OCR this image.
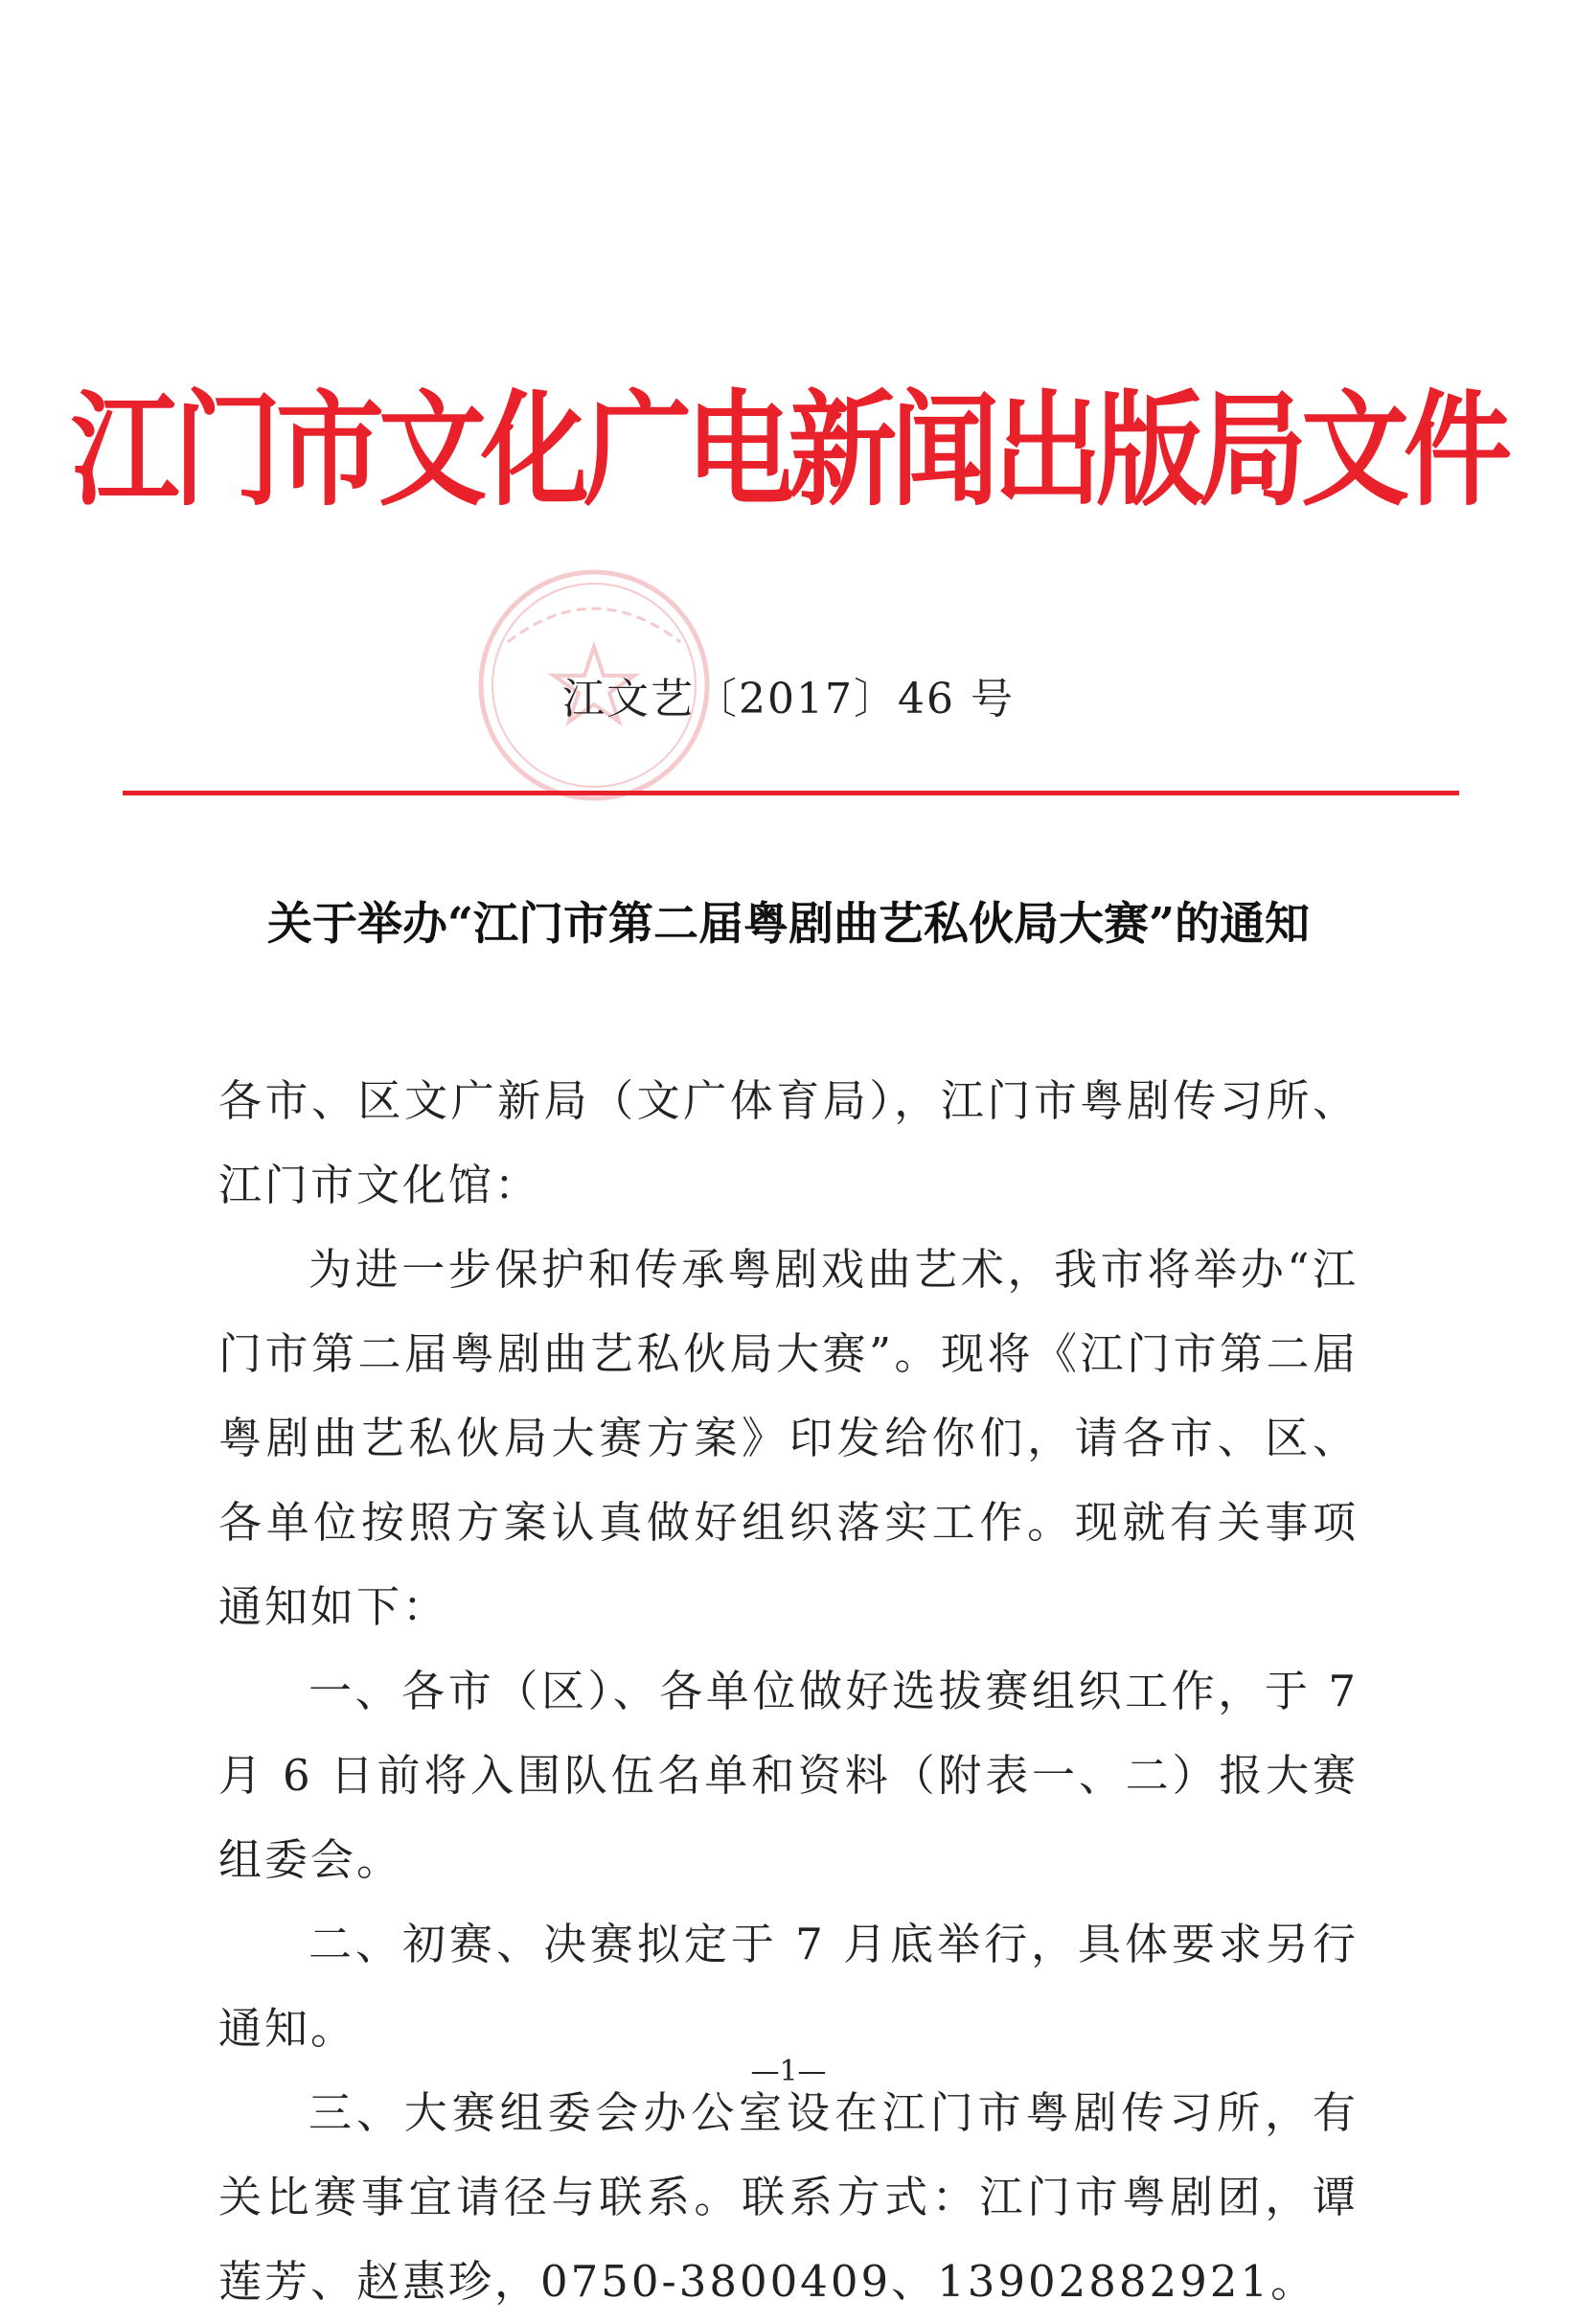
江门市文化广电新闻出版局文件
江文艺〔2017〕46 号
关于举办“江门市第二届粤剧曲艺私伙局大赛”的通知

各市、区文广新局（文广体育局），江门市粤剧传习所、江门市文化馆：

为进一步保护和传承粤剧戏曲艺术，我市将举办“江门市第二届粤剧曲艺私伙局大赛”。现将《江门市第二届粤剧曲艺私伙局大赛方案》印发给你们，请各市、区、各单位按照方案认真做好组织落实工作。现就有关事项通知如下：

一、各市（区）、各单位做好选拔赛组织工作，于 7 月 6 日前将入围队伍名单和资料（附表一、二）报大赛组委会。

二、初赛、决赛拟定于 7 月底举行，具体要求另行通知。

三、大赛组委会办公室设在江门市粤剧传习所，有关比赛事宜请径与联系。联系方式：江门市粤剧团，谭莲芳、赵惠珍，0750-3800409、13902882921。

—1—
